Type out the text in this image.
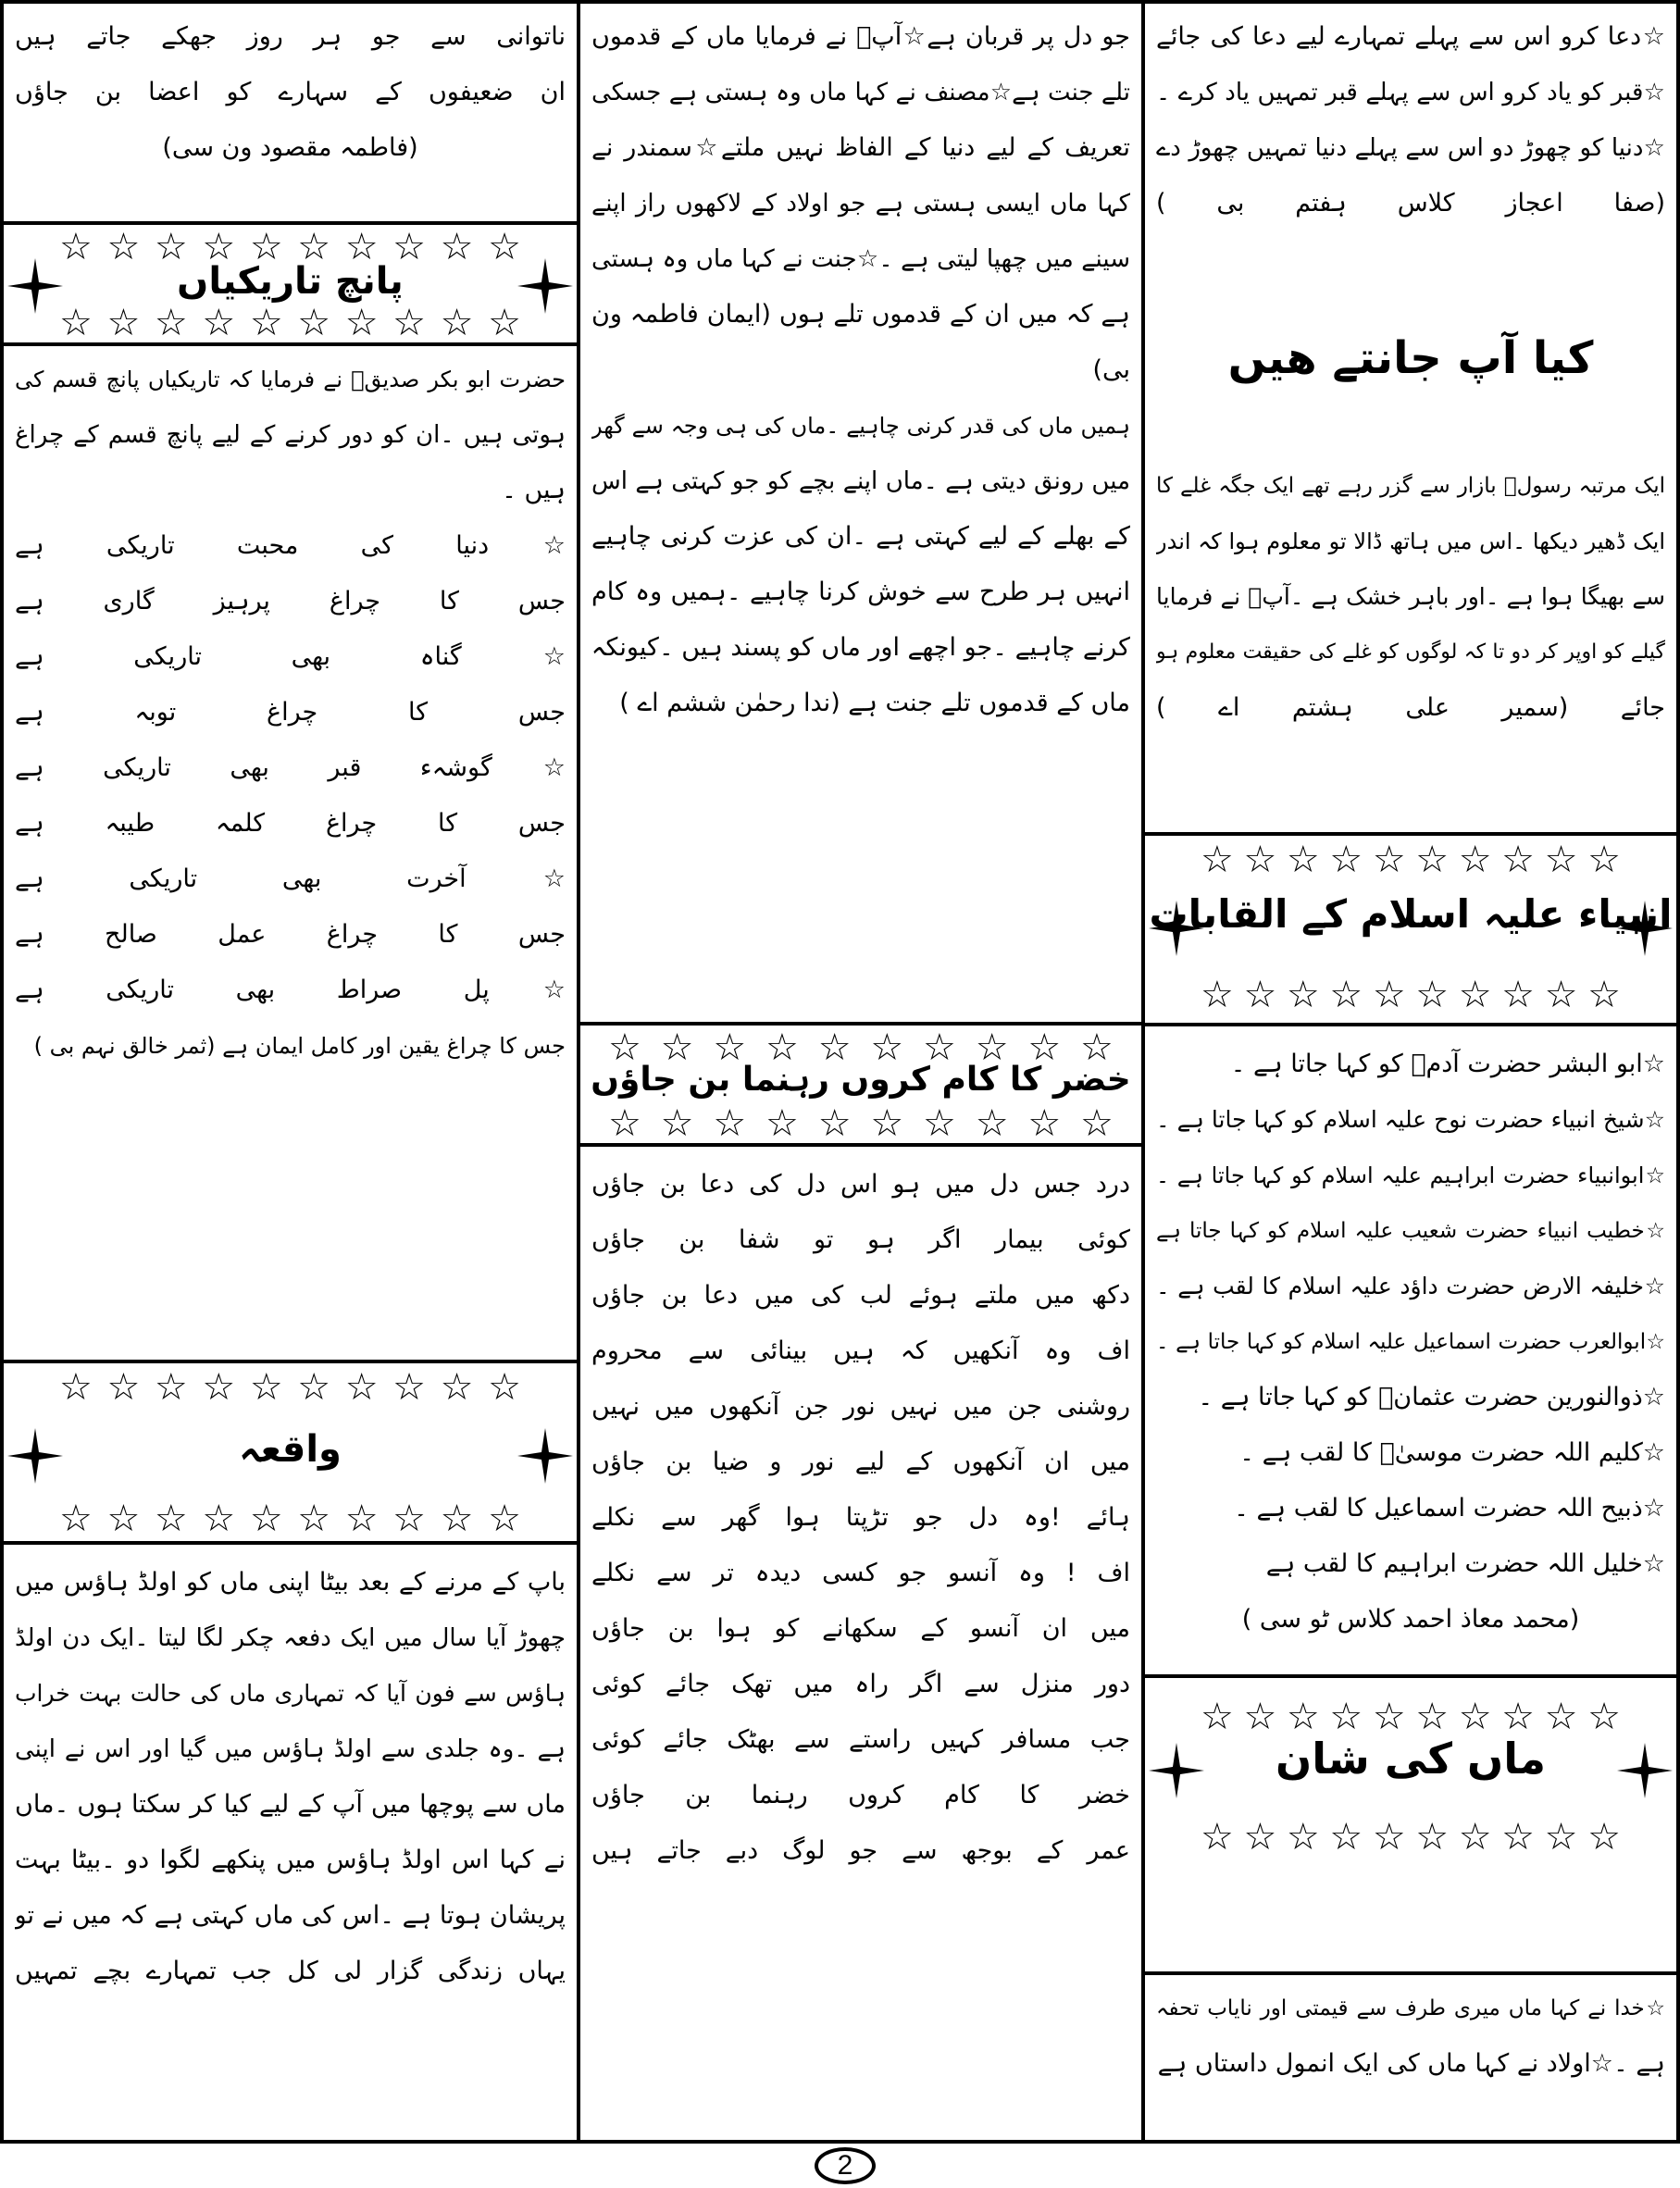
☆دعا کرو اس سے پہلے تمہارے لیے دعا کی جائے
☆قبر کو یاد کرو اس سے پہلے قبر تمہیں یاد کرے ۔
☆دنیا کو چھوڑ دو اس سے پہلے دنیا تمہیں چھوڑ دے
(صفا اعجاز کلاس ہفتم بی )
کیا آپ جانتے ھیں
ایک مرتبہ رسولؐ بازار سے گزر رہے تھے ایک جگہ غلے کا
ایک ڈھیر دیکھا ۔اس میں ہاتھ ڈالا تو معلوم ہوا کہ اندر
سے بھیگا ہوا ہے ۔اور باہر خشک ہے ۔آپؐ نے فرمایا
گیلے کو اوپر کر دو تا کہ لوگوں کو غلے کی حقیقت معلوم ہو
جائے (سمیر علی ہشتم اے )
☆ ☆ ☆ ☆ ☆ ☆ ☆ ☆ ☆ ☆
انبیاء علیہ اسلام کے القابات
☆ ☆ ☆ ☆ ☆ ☆ ☆ ☆ ☆ ☆
☆ابو البشر حضرت آدمؑ کو کہا جاتا ہے ۔
☆شیخ انبیاء حضرت نوح علیہ اسلام کو کہا جاتا ہے ۔
☆ابوانبیاء حضرت ابراہیم علیہ اسلام کو کہا جاتا ہے ۔
☆خطیب انبیاء حضرت شعیب علیہ اسلام کو کہا جاتا ہے
☆خلیفہ الارض حضرت داؤد علیہ اسلام کا لقب ہے ۔
☆ابوالعرب حضرت اسماعیل علیہ اسلام کو کہا جاتا ہے ۔
☆ذوالنورین حضرت عثمانؓ کو کہا جاتا ہے ۔
☆کلیم اللہ حضرت موسیٰؑ کا لقب ہے ۔
☆ذبیح اللہ حضرت اسماعیل کا لقب ہے ۔
☆خلیل اللہ حضرت ابراہیم کا لقب ہے
(محمد معاذ احمد کلاس ٹو سی )
☆ ☆ ☆ ☆ ☆ ☆ ☆ ☆ ☆ ☆
ماں کی شان
☆ ☆ ☆ ☆ ☆ ☆ ☆ ☆ ☆ ☆
☆خدا نے کہا ماں میری طرف سے قیمتی اور نایاب تحفہ
ہے ۔☆اولاد نے کہا ماں کی ایک انمول داستاں ہے
جو دل پر قربان ہے☆آپؐ نے فرمایا ماں کے قدموں
تلے جنت ہے☆مصنف نے کہا ماں وہ ہستی ہے جسکی
تعریف کے لیے دنیا کے الفاظ نہیں ملتے☆سمندر نے
کہا ماں ایسی ہستی ہے جو اولاد کے لاکھوں راز اپنے
سینے میں چھپا لیتی ہے ۔☆جنت نے کہا ماں وہ ہستی
ہے کہ میں ان کے قدموں تلے ہوں (ایمان فاطمہ ون
بی)
ہمیں ماں کی قدر کرنی چاہیے ۔ماں کی ہی وجہ سے گھر
میں رونق دیتی ہے ۔ماں اپنے بچے کو جو کہتی ہے اس
کے بھلے کے لیے کہتی ہے ۔ان کی عزت کرنی چاہیے
انہیں ہر طرح سے خوش کرنا چاہیے ۔ہمیں وہ کام
کرنے چاہیے ۔جو اچھے اور ماں کو پسند ہیں ۔کیونکہ
ماں کے قدموں تلے جنت ہے (ندا رحمٰن ششم اے )
☆ ☆ ☆ ☆ ☆ ☆ ☆ ☆ ☆ ☆
خضر کا کام کروں رہنما بن جاؤں
☆ ☆ ☆ ☆ ☆ ☆ ☆ ☆ ☆ ☆
درد جس دل میں ہو اس دل کی دعا بن جاؤں
کوئی بیمار اگر ہو تو شفا بن جاؤں
دکھ میں ملتے ہوئے لب کی میں دعا بن جاؤں
اف وہ آنکھیں کہ ہیں بینائی سے محروم
روشنی جن میں نہیں نور جن آنکھوں میں نہیں
میں ان آنکھوں کے لیے نور و ضیا بن جاؤں
ہائے !وہ دل جو تڑپتا ہوا گھر سے نکلے
اف ! وہ آنسو جو کسی دیدہ تر سے نکلے
میں ان آنسو کے سکھانے کو ہوا بن جاؤں
دور منزل سے اگر راہ میں تھک جائے کوئی
جب مسافر کہیں راستے سے بھٹک جائے کوئی
خضر کا کام کروں رہنما بن جاؤں
عمر کے بوجھ سے جو لوگ دبے جاتے ہیں
ناتوانی سے جو ہر روز جھکے جاتے ہیں
ان ضعیفوں کے سہارے کو اعضا بن جاؤں
(فاطمہ مقصود ون سی)
☆ ☆ ☆ ☆ ☆ ☆ ☆ ☆ ☆ ☆
پانچ تاریکیاں
☆ ☆ ☆ ☆ ☆ ☆ ☆ ☆ ☆ ☆
حضرت ابو بکر صدیقؓ نے فرمایا کہ تاریکیاں پانچ قسم کی
ہوتی ہیں ۔ان کو دور کرنے کے لیے پانچ قسم کے چراغ
ہیں ۔
☆دنیا کی محبت تاریکی ہے
جس کا چراغ پرہیز گاری ہے
☆گناہ بھی تاریکی ہے
جس کا چراغ توبہ ہے
☆گوشہء قبر بھی تاریکی ہے
جس کا چراغ کلمہ طیبہ ہے
☆آخرت بھی تاریکی ہے
جس کا چراغ عمل صالح ہے
☆پل صراط بھی تاریکی ہے
جس کا چراغ یقین اور کامل ایمان ہے (ثمر خالق نہم بی )
☆ ☆ ☆ ☆ ☆ ☆ ☆ ☆ ☆ ☆
واقعہ
☆ ☆ ☆ ☆ ☆ ☆ ☆ ☆ ☆ ☆
باپ کے مرنے کے بعد بیٹا اپنی ماں کو اولڈ ہاؤس میں
چھوڑ آیا سال میں ایک دفعہ چکر لگا لیتا ۔ایک دن اولڈ
ہاؤس سے فون آیا کہ تمہاری ماں کی حالت بہت خراب
ہے ۔وہ جلدی سے اولڈ ہاؤس میں گیا اور اس نے اپنی
ماں سے پوچھا میں آپ کے لیے کیا کر سکتا ہوں ۔ماں
نے کہا اس اولڈ ہاؤس میں پنکھے لگوا دو ۔بیٹا بہت
پریشان ہوتا ہے ۔اس کی ماں کہتی ہے کہ میں نے تو
یہاں زندگی گزار لی کل جب تمہارے بچے تمہیں
2
